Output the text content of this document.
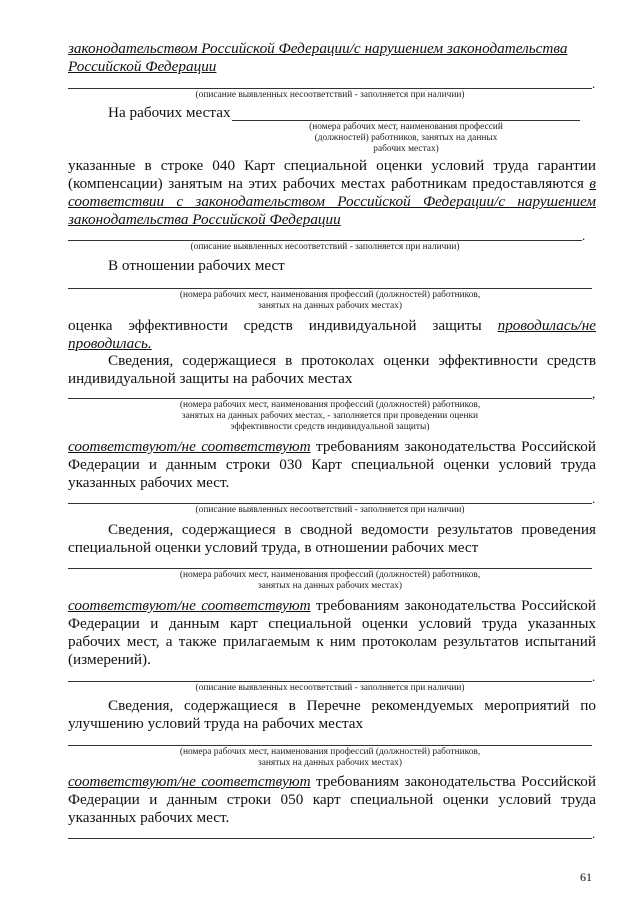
законодательством Российской Федерации/с нарушением законодательства
Российской Федерации

.

(описание выявленных несоответствий - заполняется при наличии)

На рабочих местах

(номера рабочих мест, наименования профессий
(должностей) работников, занятых на данных
рабочих местах)

указанные в строке 040 Карт специальной оценки условий труда гарантии (компенсации) занятым на этих рабочих местах работникам предоставляются в соответствии с законодательством Российской Федерации/с нарушением законодательства Российской Федерации

.

(описание выявленных несоответствий - заполняется при наличии)

В отношении рабочих мест

(номера рабочих мест, наименования профессий (должностей) работников,
занятых на данных рабочих местах)

оценка эффективности средств индивидуальной защиты проводилась/не проводилась.

Сведения, содержащиеся в протоколах оценки эффективности средств индивидуальной защиты на рабочих местах

,

(номера рабочих мест, наименования профессий (должностей) работников,
занятых на данных рабочих местах, - заполняется при проведении оценки
эффективности средств индивидуальной защиты)

соответствуют/не соответствуют требованиям законодательства Российской Федерации и данным строки 030 Карт специальной оценки условий труда указанных рабочих мест.

.

(описание выявленных несоответствий - заполняется при наличии)

Сведения, содержащиеся в сводной ведомости результатов проведения специальной оценки условий труда, в отношении рабочих мест

(номера рабочих мест, наименования профессий (должностей) работников,
занятых на данных рабочих местах)

соответствуют/не соответствуют требованиям законодательства Российской Федерации и данным карт специальной оценки условий труда указанных рабочих мест, а также прилагаемым к ним протоколам результатов испытаний (измерений).

.

(описание выявленных несоответствий - заполняется при наличии)

Сведения, содержащиеся в Перечне рекомендуемых мероприятий по улучшению условий труда на рабочих местах

(номера рабочих мест, наименования профессий (должностей) работников,
занятых на данных рабочих местах)

соответствуют/не соответствуют требованиям законодательства Российской Федерации и данным строки 050 карт специальной оценки условий труда указанных рабочих мест.

.
61
